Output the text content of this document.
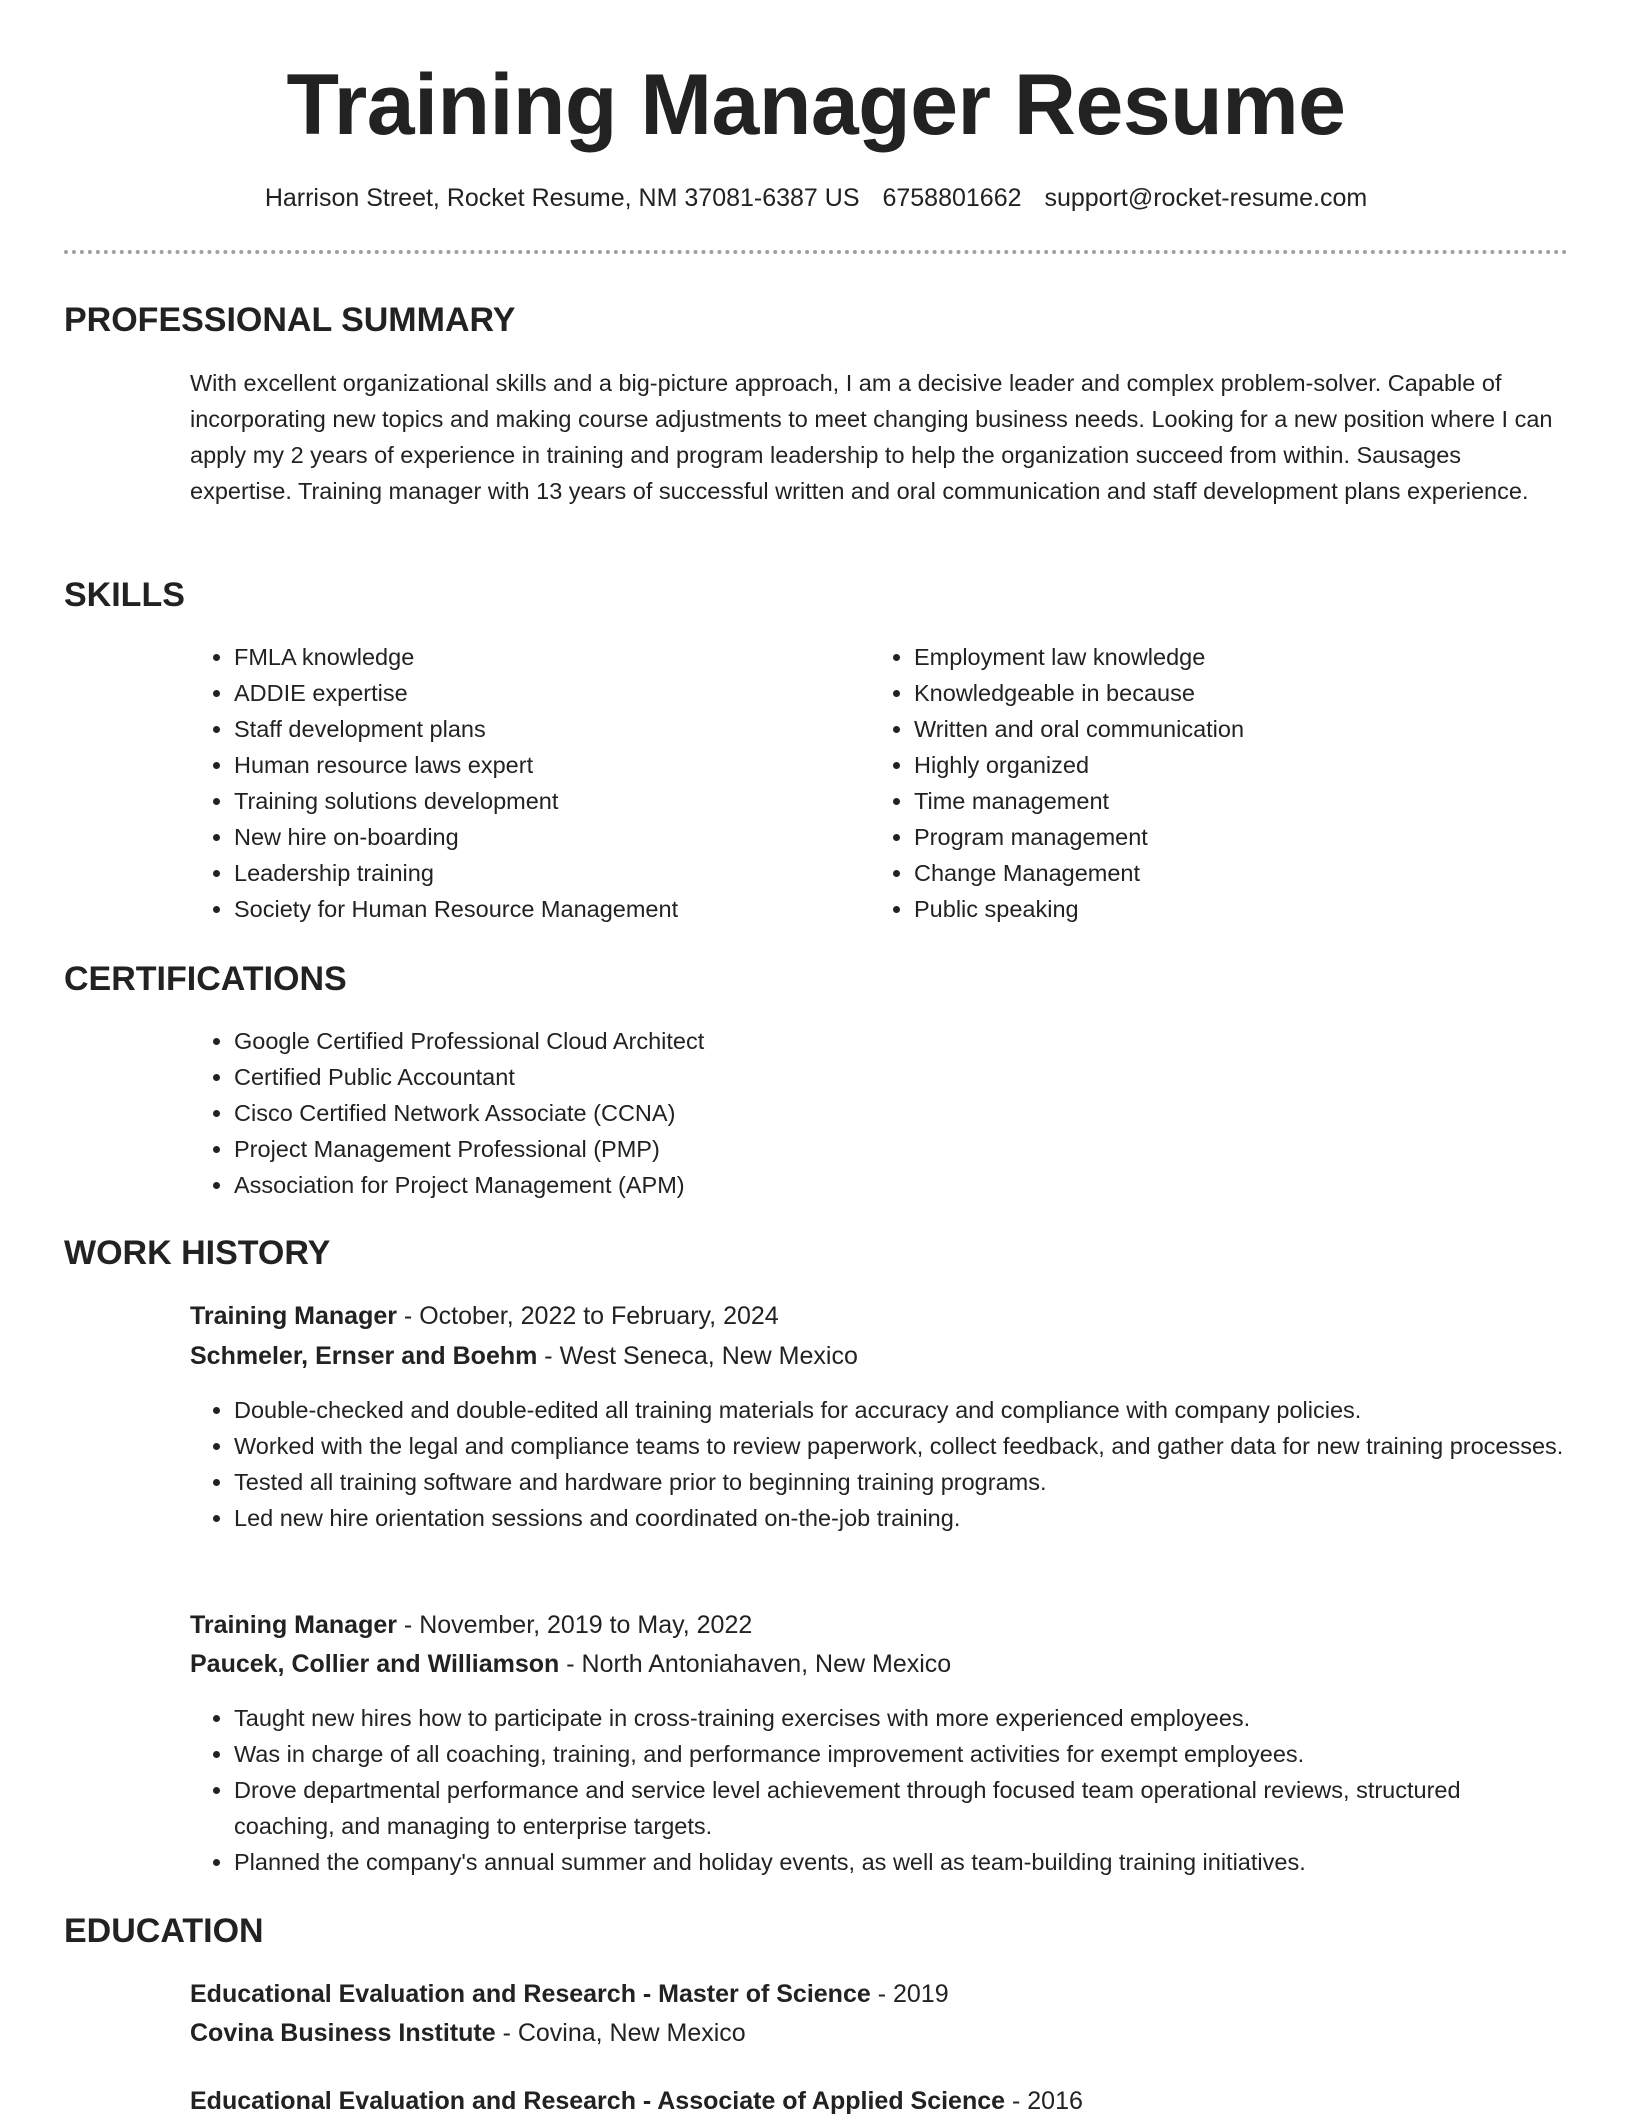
Training Manager Resume
Harrison Street, Rocket Resume, NM 37081-6387 US 6758801662 support@rocket-resume.com
PROFESSIONAL SUMMARY

With excellent organizational skills and a big-picture approach, I am a decisive leader and complex problem-solver. Capable of incorporating new topics and making course adjustments to meet changing business needs. Looking for a new position where I can apply my 2 years of experience in training and program leadership to help the organization succeed from within. Sausages expertise. Training manager with 13 years of successful written and oral communication and staff development plans experience.

SKILLS
• FMLA knowledge
• ADDIE expertise
• Staff development plans
• Human resource laws expert
• Training solutions development
• New hire on-boarding
• Leadership training
• Society for Human Resource Management
• Employment law knowledge
• Knowledgeable in because
• Written and oral communication
• Highly organized
• Time management
• Program management
• Change Management
• Public speaking
CERTIFICATIONS
• Google Certified Professional Cloud Architect
• Certified Public Accountant
• Cisco Certified Network Associate (CCNA)
• Project Management Professional (PMP)
• Association for Project Management (APM)
WORK HISTORY

Training Manager - October, 2022 to February, 2024

Schmeler, Ernser and Boehm - West Seneca, New Mexico

• Double-checked and double-edited all training materials for accuracy and compliance with company policies.
• Worked with the legal and compliance teams to review paperwork, collect feedback, and gather data for new training processes.
• Tested all training software and hardware prior to beginning training programs.
• Led new hire orientation sessions and coordinated on-the-job training.

Training Manager - November, 2019 to May, 2022

Paucek, Collier and Williamson - North Antoniahaven, New Mexico

• Taught new hires how to participate in cross-training exercises with more experienced employees.
• Was in charge of all coaching, training, and performance improvement activities for exempt employees.
• Drove departmental performance and service level achievement through focused team operational reviews, structured coaching, and managing to enterprise targets.
• Planned the company's annual summer and holiday events, as well as team-building training initiatives.
EDUCATION

Educational Evaluation and Research - Master of Science - 2019

Covina Business Institute - Covina, New Mexico

Educational Evaluation and Research - Associate of Applied Science - 2016
